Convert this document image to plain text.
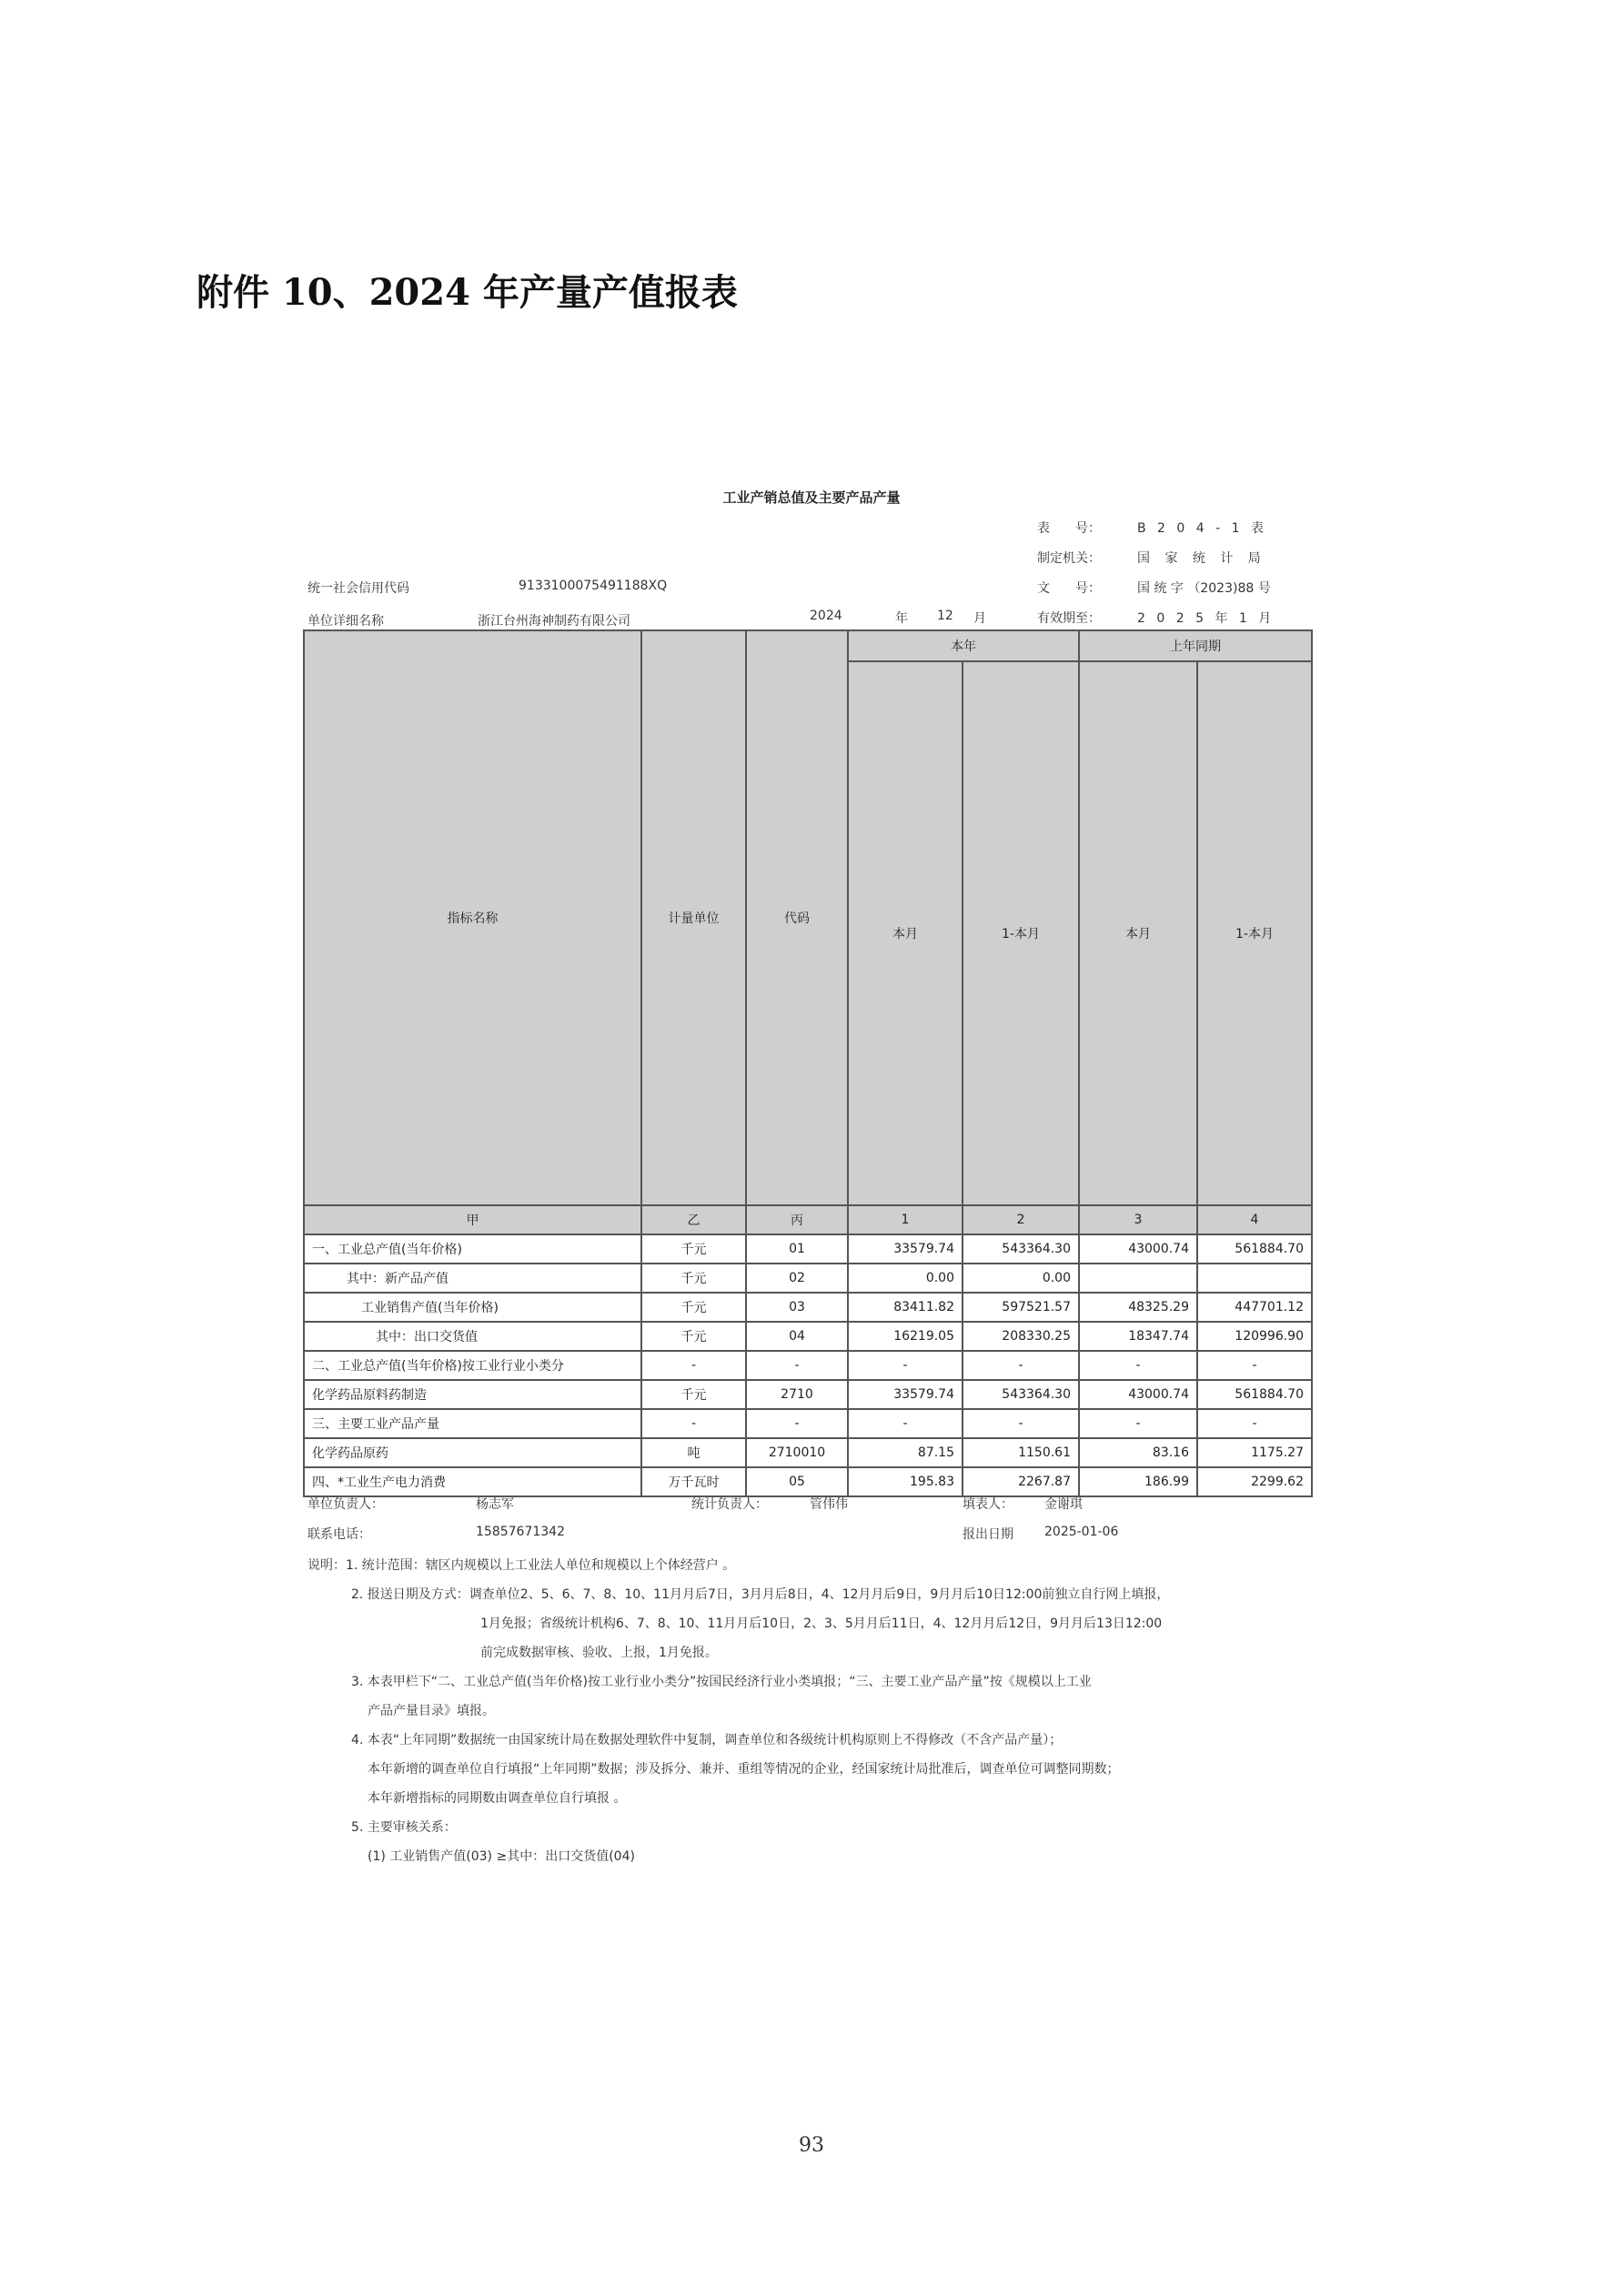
附件 10、2024 年产量产值报表
工业产销总值及主要产品产量
表　　号：	B 2 0 4 - 1 表
制定机关：	国 家 统 计 局
文　　号：	国 统 字 （2023)88 号
有效期至：	2 0 2 5 年 1 月
统一社会信用代码	913310007549118​8XQ
单位详细名称	浙江台州海神制药有限公司	2024	年 12 月
指标名称	计量单位	代码	本年		上年同期	
			本月	1-本月	本月	1-本月
甲	乙	丙	1	2	3	4
一、工业总产值(当年价格)	千元	01	33579.74	543364.30	43000.74	561884.70
其中：新产品产值	千元	02	0.00	0.00		
工业销售产值(当年价格)	千元	03	83411.82	597521.57	48325.29	447701.12
其中：出口交货值	千元	04	16219.05	208330.25	18347.74	120996.90
二、工业总产值(当年价格)按工业行业小类分	-	-	-	-	-	-
化学药品原料药制造	千元	2710	33579.74	543364.30	43000.74	561884.70
三、主要工业产品产量	-	-	-	-	-	-
化学药品原药	吨	2710010	87.15	1150.61	83.16	1175.27
四、*工业生产电力消费	万千瓦时	05	195.83	2267.87	186.99	2299.62
单位负责人：	杨志军	统计负责人：	管伟伟	填表人： 金谢琪
联系电话：	15857671342	报出日期 2025-01-06
说明：1. 统计范围：辖区内规模以上工业法人单位和规模以上个体经营户 。
2. 报送日期及方式：调查单位2、5、6、7、8、10、11月月后7日，3月月后8日，4、12月月后9日，9月月后10日12:00前独立自行网上填报，
1月免报；省级统计机构6、7、8、10、11月月后10日，2、3、5月月后11日，4、12月月后12日，9月月后13日12:00
前完成数据审核、验收、上报，1月免报。
3. 本表甲栏下“二、工业总产值(当年价格)按工业行业小类分”按国民经济行业小类填报；“三、主要工业产品产量”按《规模以上工业
产品产量目录》填报。
4. 本表“上年同期”数据统一由国家统计局在数据处理软件中复制，调查单位和各级统计机构原则上不得修改（不含产品产量）；
本年新增的调查单位自行填报“上年同期”数据；涉及拆分、兼并、重组等情况的企业，经国家统计局批准后，调查单位可调整同期数；
本年新增指标的同期数由调查单位自行填报 。
5. 主要审核关系：
(1) 工业销售产值(03) ≥其中：出口交货值(04)
93
